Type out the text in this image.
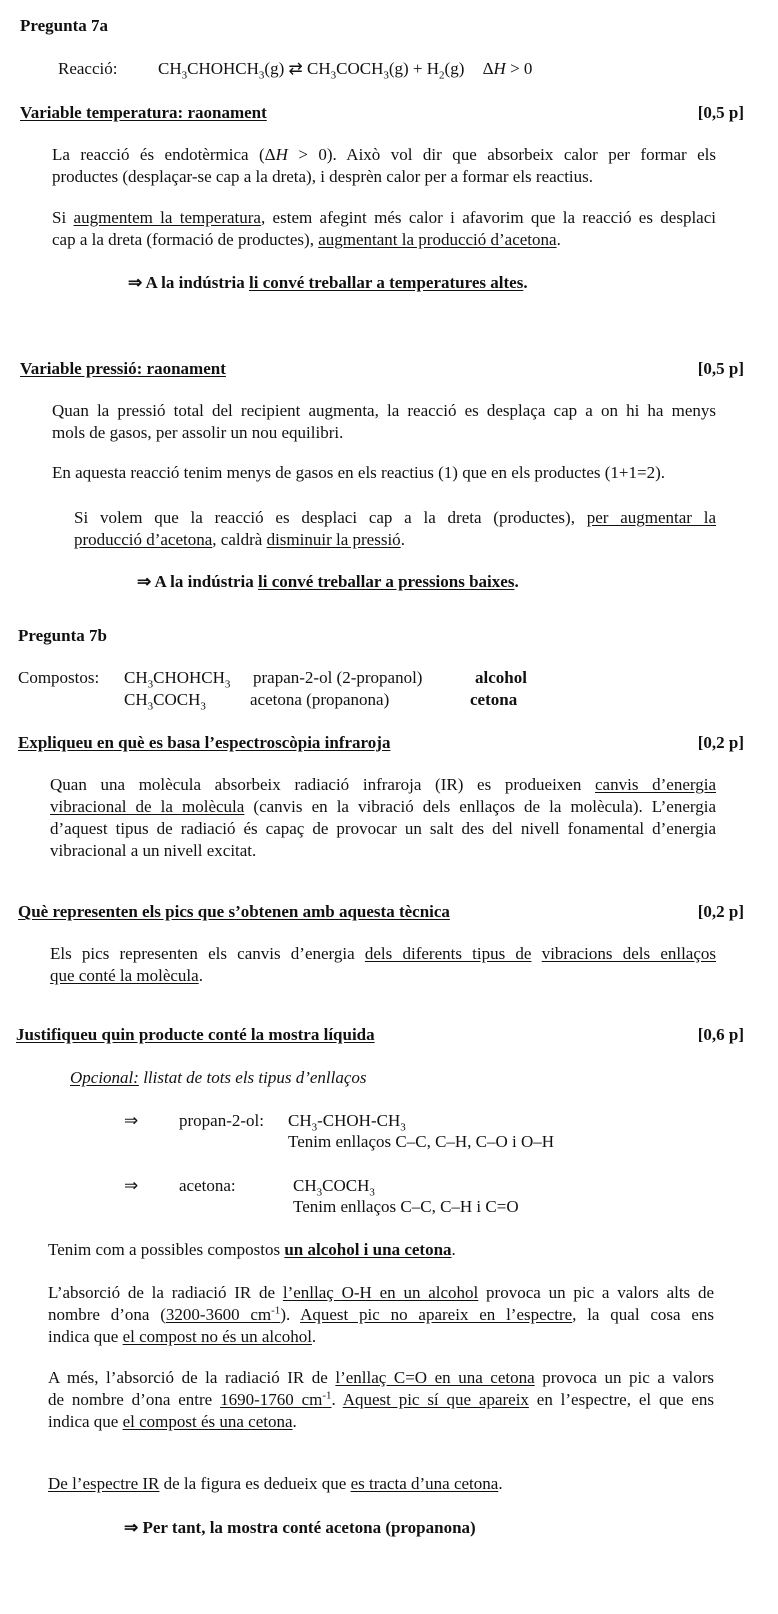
Pregunta 7a
Reacció: $CH_3CHOHCH_3(g)$ ⇄ $CH_3COCH_3(g) + H_2(g) \Delta H > 0$
Variable temperatura: raonament	[0,5 p]
La reacció és endotèrmica (ΔH > 0). Això vol dir que absorbeix calor per formar els
productes (desplaçar-se cap a la dreta), i desprèn calor per a formar els reactius.
Si augmentem la temperatura, estem afegint més calor i afavorim que la reacció es desplaci
cap a la dreta (formació de productes), augmentant la producció d’acetona.
⇒ A la indústria li convé treballar a temperatures altes.
Variable pressió: raonament	[0,5 p]
Quan la pressió total del recipient augmenta, la reacció es desplaça cap a on hi ha menys
mols de gasos, per assolir un nou equilibri.
En aquesta reacció tenim menys de gasos en els reactius (1) que en els productes (1+1=2).
Si volem que la reacció es desplaci cap a la dreta (productes), per augmentar la
producció d’acetona, caldrà disminuir la pressió.
⇒ A la indústria li convé treballar a pressions baixes.
Pregunta 7b
Compostos: $CH_3CHOHCH_3$ prapan-2-ol (2-propanol)	alcohol
$CH_3COCH_3$	acetona (propanona)	cetona
Expliqueu en què es basa l’espectroscòpia infraroja	[0,2 p]
Quan una molècula absorbeix radiació infraroja (IR) es produeixen canvis d’energia
vibracional de la molècula (canvis en la vibració dels enllaços de la molècula). L’energia
d’aquest tipus de radiació és capaç de provocar un salt des del nivell fonamental d’energia
vibracional a un nivell excitat.
Què representen els pics que s’obtenen amb aquesta tècnica	[0,2 p]
Els pics representen els canvis d’energia dels diferents tipus de vibracions dels enllaços
que conté la molècula.
Justifiqueu quin producte conté la mostra líquida	[0,6 p]
Opcional: llistat de tots els tipus d’enllaços
⇒ propan-2-ol: $CH_3-CHOH-CH_3$
Tenim enllaços C–C, C–H, C–O i O–H
⇒ acetona:	$CH_3COCH_3$
Tenim enllaços C–C, C–H i C=O
Tenim com a possibles compostos un alcohol i una cetona.
L’absorció de la radiació IR de l’enllaç O-H en un alcohol provoca un pic a valors alts de
nombre d’ona (3200-3600 $cm^{-1}$). Aquest pic no apareix en l’espectre, la qual cosa ens
indica que el compost no és un alcohol.
A més, l’absorció de la radiació IR de l’enllaç C=O en una cetona provoca un pic a valors
de nombre d’ona entre 1690-1760 $cm^{-1}$. Aquest pic sí que apareix en l’espectre, el que ens
indica que el compost és una cetona.
De l’espectre IR de la figura es dedueix que es tracta d’una cetona.
⇒ Per tant, la mostra conté acetona (propanona)
